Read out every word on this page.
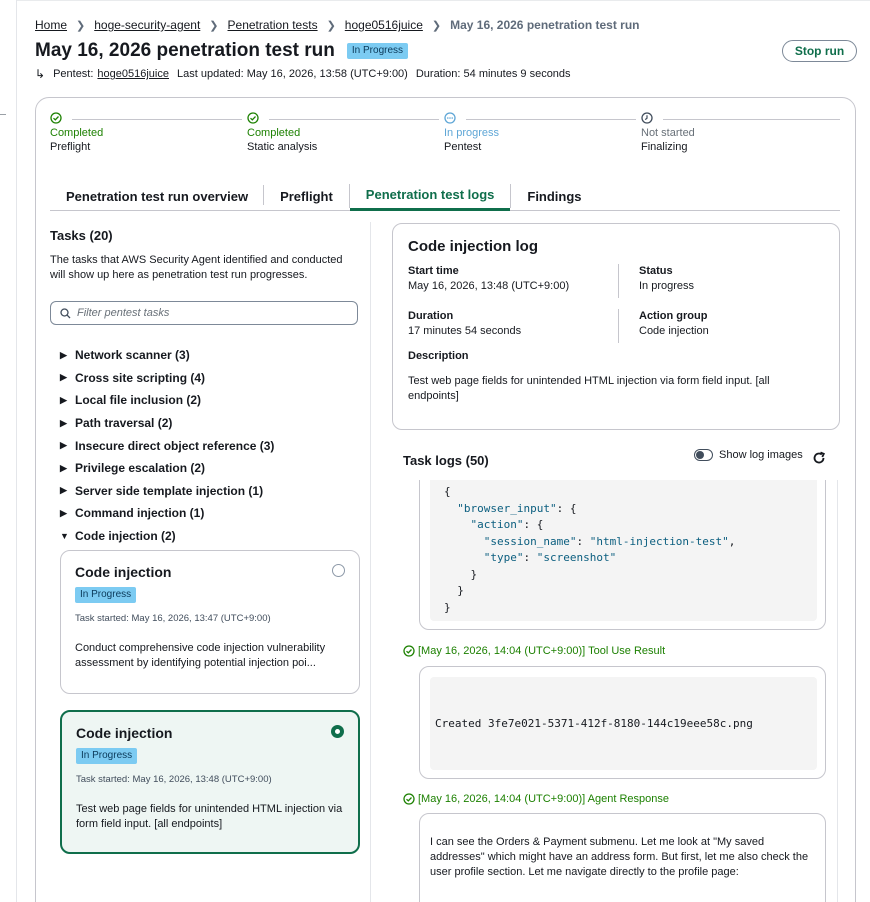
Home ❯ hoge-security-agent ❯ Penetration tests ❯ hoge0516juice ❯ May 16, 2026 penetration test run
May 16, 2026 penetration test run	In Progress
↳ Pentest: hoge0516juice Last updated: May 16, 2026, 13:58 (UTC+9:00) Duration: 54 minutes 9 seconds
Stop run
Completed
Preflight
Completed
Static analysis
In progress
Pentest
Not started
Finalizing
Penetration test run overview	Preflight	Penetration test logs	Findings
Tasks (20)
The tasks that AWS Security Agent identified and conducted will show up here as penetration test run progresses.
Filter pentest tasks
▶ Network scanner (3)
▶ Cross site scripting (4)
▶ Local file inclusion (2)
▶ Path traversal (2)
▶ Insecure direct object reference (3)
▶ Privilege escalation (2)
▶ Server side template injection (1)
▶ Command injection (1)
▼ Code injection (2)
Code injection
In Progress
Task started: May 16, 2026, 13:47 (UTC+9:00)
Conduct comprehensive code injection vulnerability assessment by identifying potential injection poi...
Code injection
In Progress
Task started: May 16, 2026, 13:48 (UTC+9:00)
Test web page fields for unintended HTML injection via form field input. [all endpoints]
Code injection log
Start time
May 16, 2026, 13:48 (UTC+9:00)
Status
In progress
Duration
17 minutes 54 seconds
Action group
Code injection
Description
Test web page fields for unintended HTML injection via form field input. [all endpoints]
Task logs (50)	Show log images
{
"browser_input": {
"action": {
"session_name": "html-injection-test",
"type": "screenshot"
}
}
}
[May 16, 2026, 14:04 (UTC+9:00)] Tool Use Result
Created 3fe7e021-5371-412f-8180-144c19eee58c.png
[May 16, 2026, 14:04 (UTC+9:00)] Agent Response
I can see the Orders & Payment submenu. Let me look at "My saved addresses" which might have an address form. But first, let me also check the user profile section. Let me navigate directly to the profile page:
